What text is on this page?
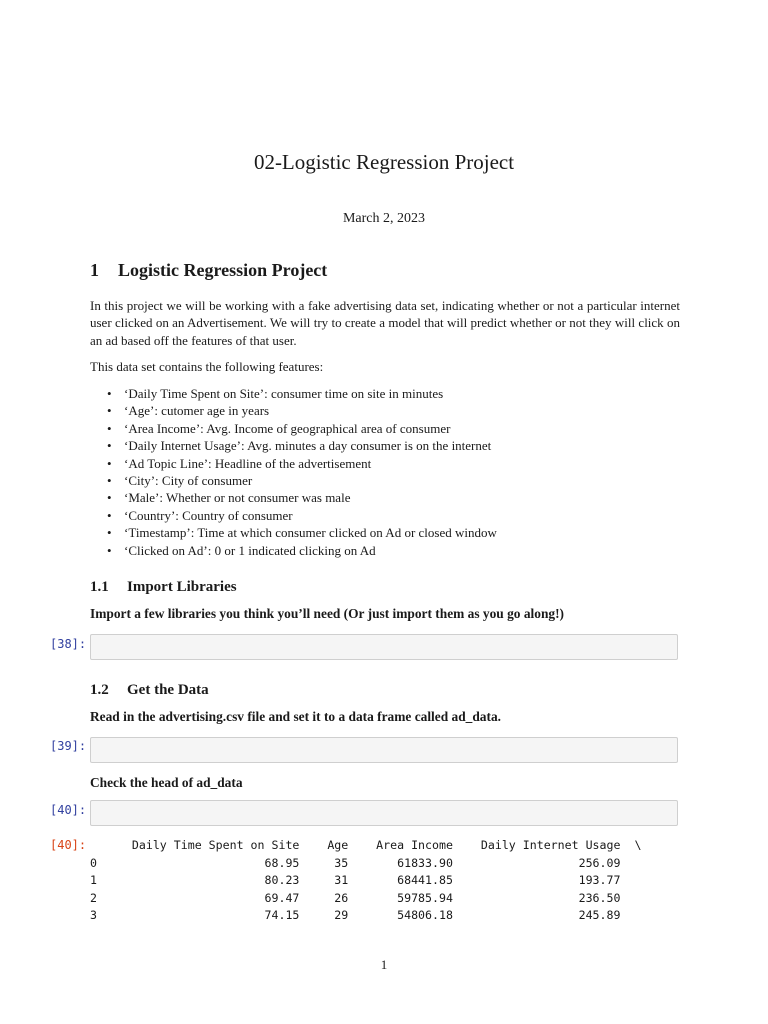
02-Logistic Regression Project
March 2, 2023
1 Logistic Regression Project
In this project we will be working with a fake advertising data set, indicating whether or not a particular internet user clicked on an Advertisement. We will try to create a model that will predict whether or not they will click on an ad based off the features of that user.
This data set contains the following features:
• ‘Daily Time Spent on Site’: consumer time on site in minutes
• ‘Age’: cutomer age in years
• ‘Area Income’: Avg. Income of geographical area of consumer
• ‘Daily Internet Usage’: Avg. minutes a day consumer is on the internet
• ‘Ad Topic Line’: Headline of the advertisement
• ‘City’: City of consumer
• ‘Male’: Whether or not consumer was male
• ‘Country’: Country of consumer
• ‘Timestamp’: Time at which consumer clicked on Ad or closed window
• ‘Clicked on Ad’: 0 or 1 indicated clicking on Ad
1.1 Import Libraries
Import a few libraries you think you’ll need (Or just import them as you go along!)
[38]:
1.2 Get the Data
Read in the advertising.csv file and set it to a data frame called ad_data.
[39]:
Check the head of ad_data
[40]:
[40]: Daily Time Spent on Site    Age    Area Income    Daily Internet Usage  \
0                        68.95     35       61833.90                  256.09
1                        80.23     31       68441.85                  193.77
2                        69.47     26       59785.94                  236.50
3                        74.15     29       54806.18                  245.89
1
